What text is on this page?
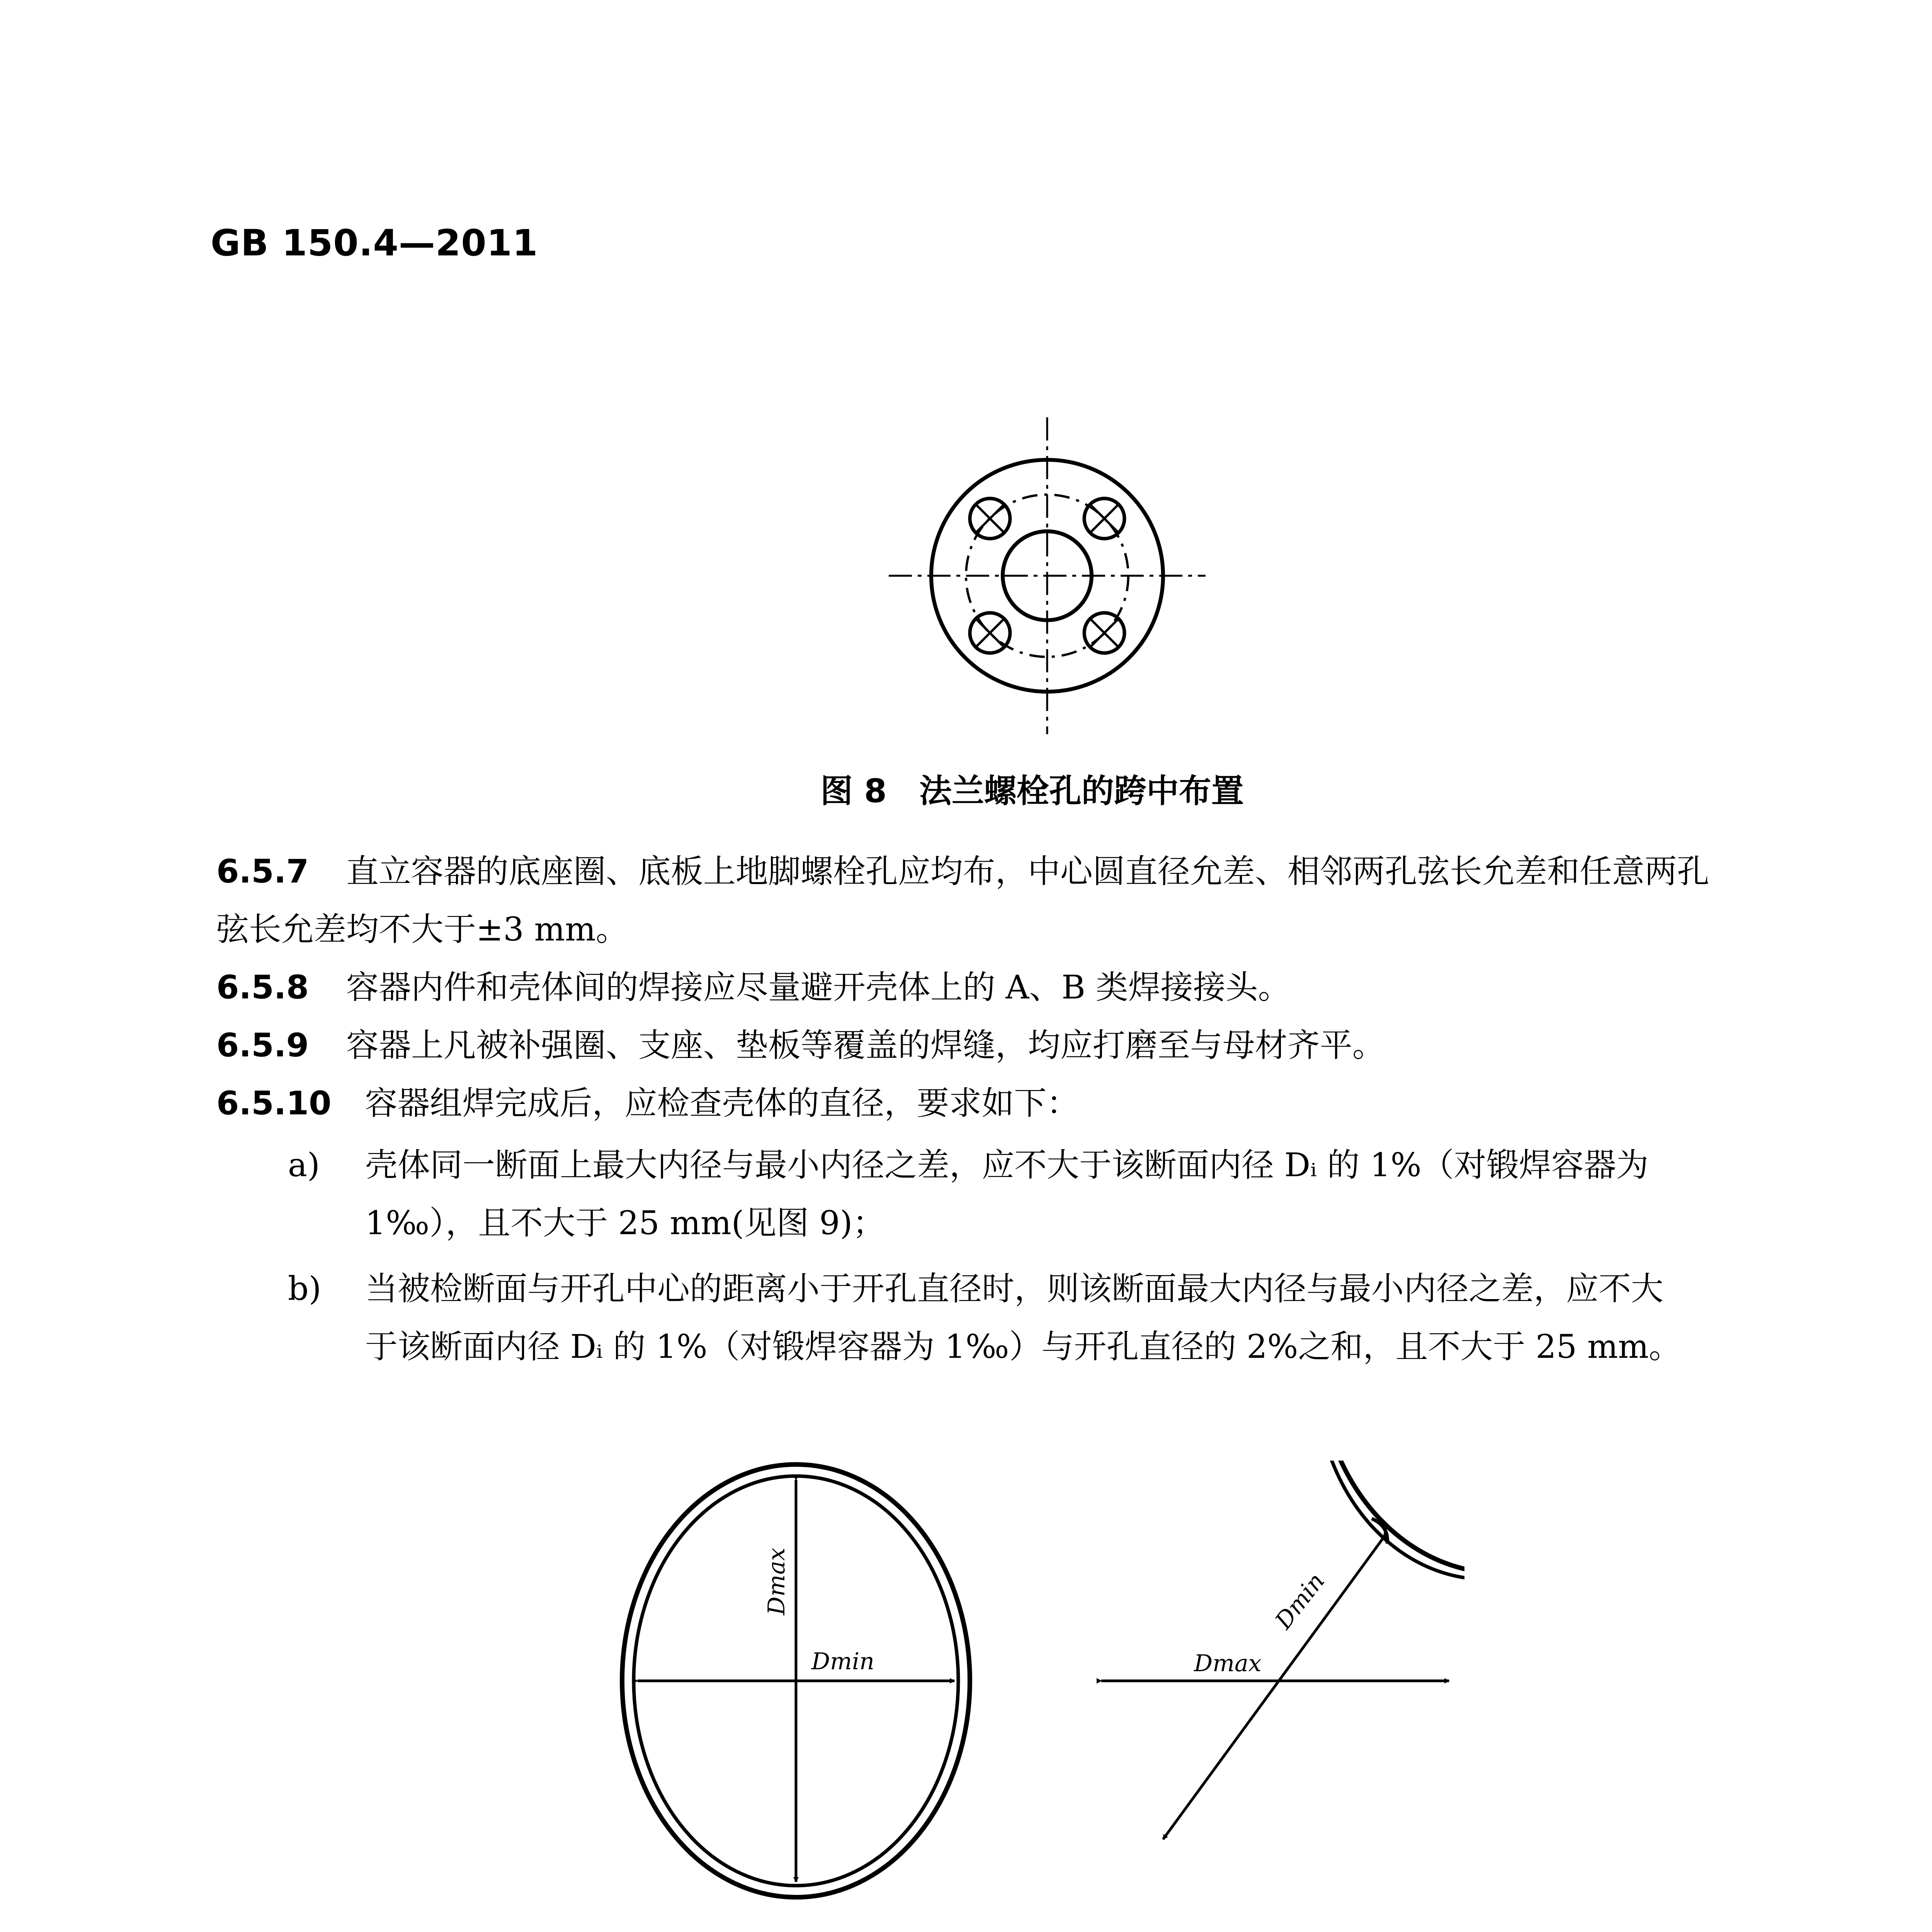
GB 150.4—2011
图 8　法兰螺栓孔的跨中布置
6.5.7 直立容器的底座圈、底板上地脚螺栓孔应均布，中心圆直径允差、相邻两孔弦长允差和任意两孔
弦长允差均不大于±3 mm。
6.5.8 容器内件和壳体间的焊接应尽量避开壳体上的 A、B 类焊接接头。
6.5.9 容器上凡被补强圈、支座、垫板等覆盖的焊缝，均应打磨至与母材齐平。
6.5.10 容器组焊完成后，应检查壳体的直径，要求如下：
a) 壳体同一断面上最大内径与最小内径之差，应不大于该断面内径 Dᵢ 的 1%（对锻焊容器为
1‰），且不大于 25 mm(见图 9)；
b) 当被检断面与开孔中心的距离小于开孔直径时，则该断面最大内径与最小内径之差，应不大
于该断面内径 Dᵢ 的 1%（对锻焊容器为 1‰）与开孔直径的 2%之和，且不大于 25 mm。
Dmax
Dmin	Dmax
Dmin
